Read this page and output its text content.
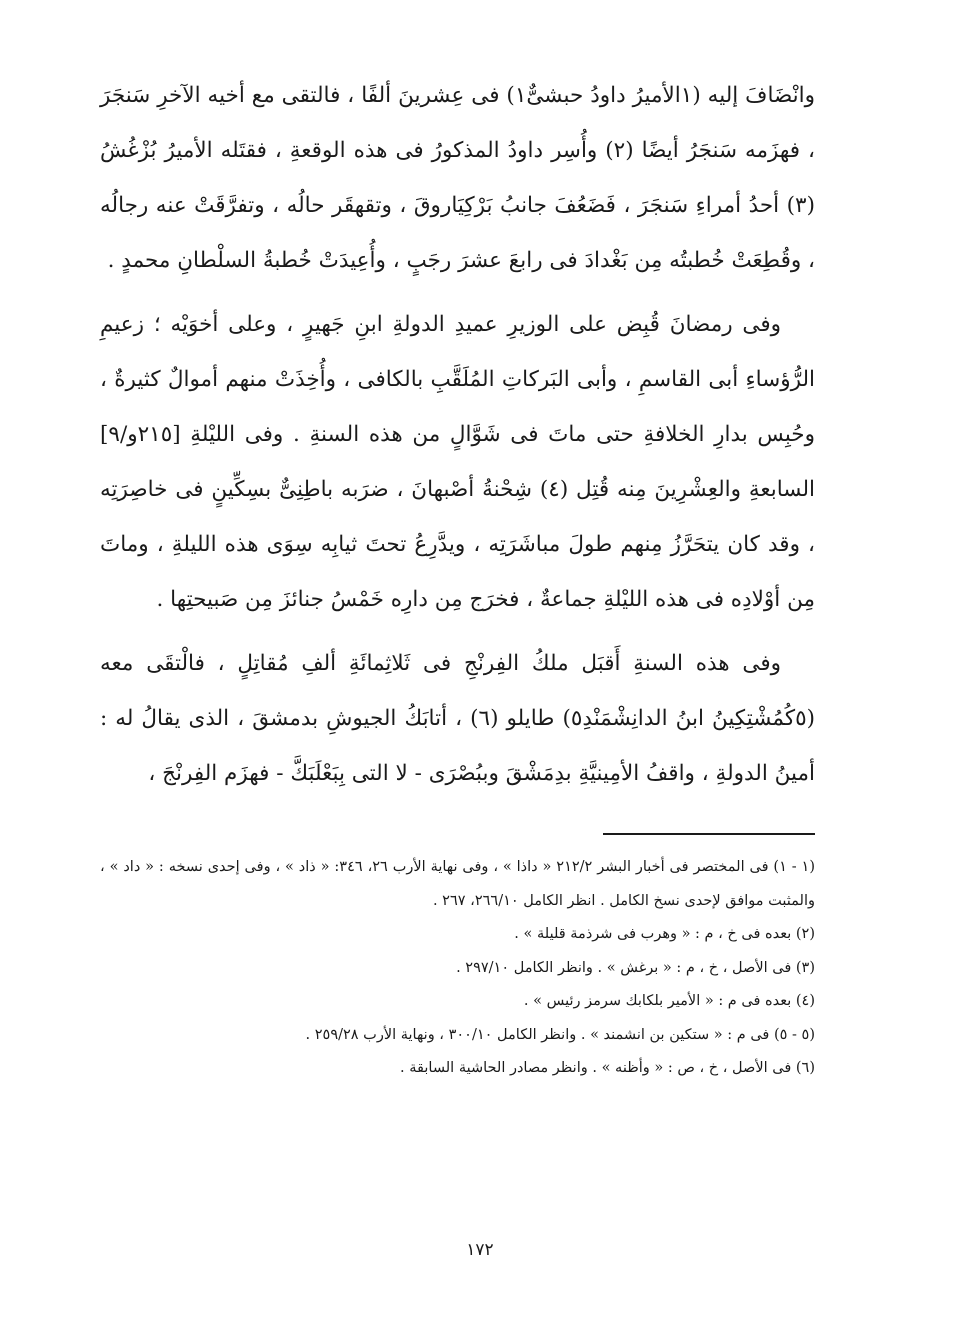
وانْضَافَ إليه (١الأميرُ داودُ حبشىٌّ١) فى عِشرينَ ألفًا ، فالتقى مع أخيه الآخرِ سَنجَرَ ، فهزَمه سَنجَرُ أيضًا (٢) وأُسِر داودُ المذكورُ فى هذه الوقعةِ ، فقتَله الأميرُ بُزْغُشُ (٣) أحدُ أمراءِ سَنجَرَ ، فَضَعُفَ جانبُ بَرْكِيَاروقَ ، وتقهقَر حالُه ، وتفرَّقَتْ عنه رجالُه ، وقُطِعَتْ خُطبتُه مِن بَغْدادَ فى رابعَ عشرَ رجَبٍ ، وأُعِيدَتْ خُطبةُ السلْطانِ محمدٍ .

وفى رمضانَ قُبِض على الوزيرِ عميدِ الدولةِ ابنِ جَهيرٍ ، وعلى أخوَيْه ؛ زعيمِ الرُّؤساءِ أبى القاسمِ ، وأبى البَركاتِ المُلَقَّبِ بالكافى ، وأُخِذَتْ منهم أموالٌ كثيرةٌ ، وحُبِس بدارِ الخلافةِ حتى ماتَ فى شَوَّالٍ من هذه السنةِ . وفى الليْلةِ [٢١٥و/٩] السابعةِ والعِشْرِينَ مِنه قُتِل (٤) شِحْنةُ أصْبهانَ ، ضرَبه باطِنِىٌّ بسِكِّينٍ فى خاصِرَتِه ، وقد كان يتحَرَّزُ مِنهم طولَ مباشَرَتِه ، ويدَّرِعُ تحتَ ثيابِه سِوَى هذه الليلةِ ، وماتَ مِن أوْلادِه فى هذه الليْلةِ جماعةٌ ، فخرَج مِن دارِه خَمْسُ جنائزَ مِن صَبيحتِها .

وفى هذه السنةِ أَقبَل ملكُ الفِرنْجِ فى ثَلاثِمائَةِ ألفِ مُقاتِلٍ ، فالْتقَى معه (٥كُمُشْتِكِينُ ابنُ الدانِشْمَنْدِ٥) طايلو (٦) ، أتابَكُ الجيوشِ بدمشقَ ، الذى يقالُ له : أمينُ الدولةِ ، واقفُ الأمِينيَّةِ بدِمَشْقَ وببُصْرَى - لا التى بِبَعْلَبَكَّ - فهزَم الفِرنْجَ ،

(١ - ١) فى المختصر فى أخبار البشر ٢١٢/٢ « داذا » ، وفى نهاية الأرب ٢٦، ٣٤٦: « ذاد » ، وفى إحدى نسخه : « داد » ، والمثبت موافق لإحدى نسخ الكامل . انظر الكامل ٢٦٦/١٠، ٢٦٧ .

(٢) بعده فى خ ، م : « وهرب فى شرذمة قليلة » .

(٣) فى الأصل ، خ ، م : « برغش » . وانظر الكامل ٢٩٧/١٠ .

(٤) بعده فى م : « الأمير بلكابك سرمز رئيس » .

(٥ - ٥) فى م : « ستكين بن انشمند » . وانظر الكامل ٣٠٠/١٠ ، ونهاية الأرب ٢٥٩/٢٨ .

(٦) فى الأصل ، خ ، ص : « وأظنه » . وانظر مصادر الحاشية السابقة .

١٧٢
